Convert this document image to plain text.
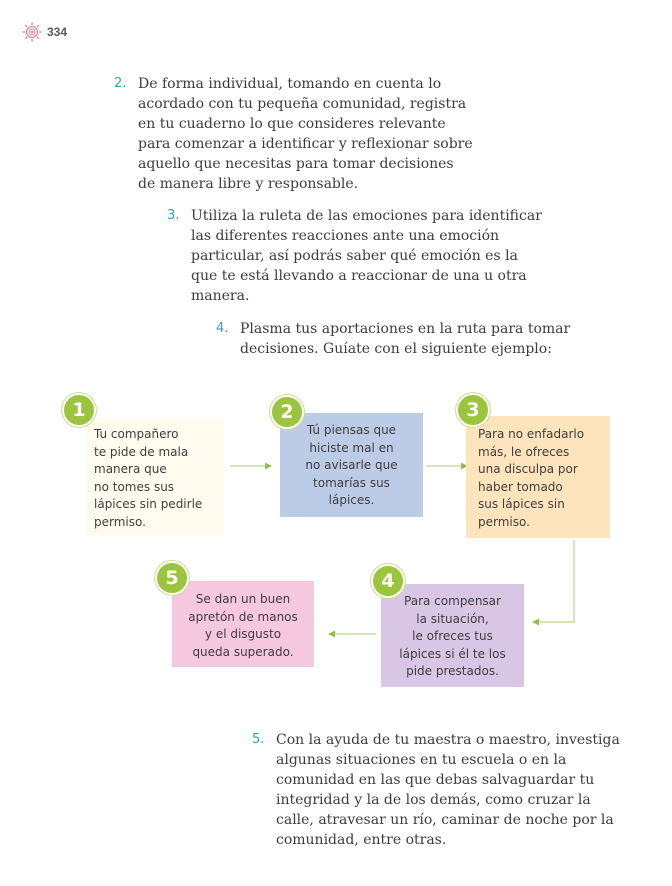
334
2. De forma individual, tomando en cuenta lo
acordado con tu pequeña comunidad, registra
en tu cuaderno lo que consideres relevante
para comenzar a identificar y reflexionar sobre
aquello que necesitas para tomar decisiones
de manera libre y responsable.
3. Utiliza la ruleta de las emociones para identificar
las diferentes reacciones ante una emoción
particular, así podrás saber qué emoción es la
que te está llevando a reaccionar de una u otra
manera.
4. Plasma tus aportaciones en la ruta para tomar
decisiones. Guíate con el siguiente ejemplo:
Tu compañero
te pide de mala
manera que
no tomes sus
lápices sin pedirle
permiso.
1
Tú piensas que
hiciste mal en
no avisarle que
tomarías sus
lápices.
2
Para no enfadarlo
más, le ofreces
una disculpa por
haber tomado
sus lápices sin
permiso.
3
Para compensar
la situación,
le ofreces tus
lápices si él te los
pide prestados.
4
Se dan un buen
apretón de manos
y el disgusto
queda superado.
5
5. Con la ayuda de tu maestra o maestro, investiga
algunas situaciones en tu escuela o en la
comunidad en las que debas salvaguardar tu
integridad y la de los demás, como cruzar la
calle, atravesar un río, caminar de noche por la
comunidad, entre otras.
